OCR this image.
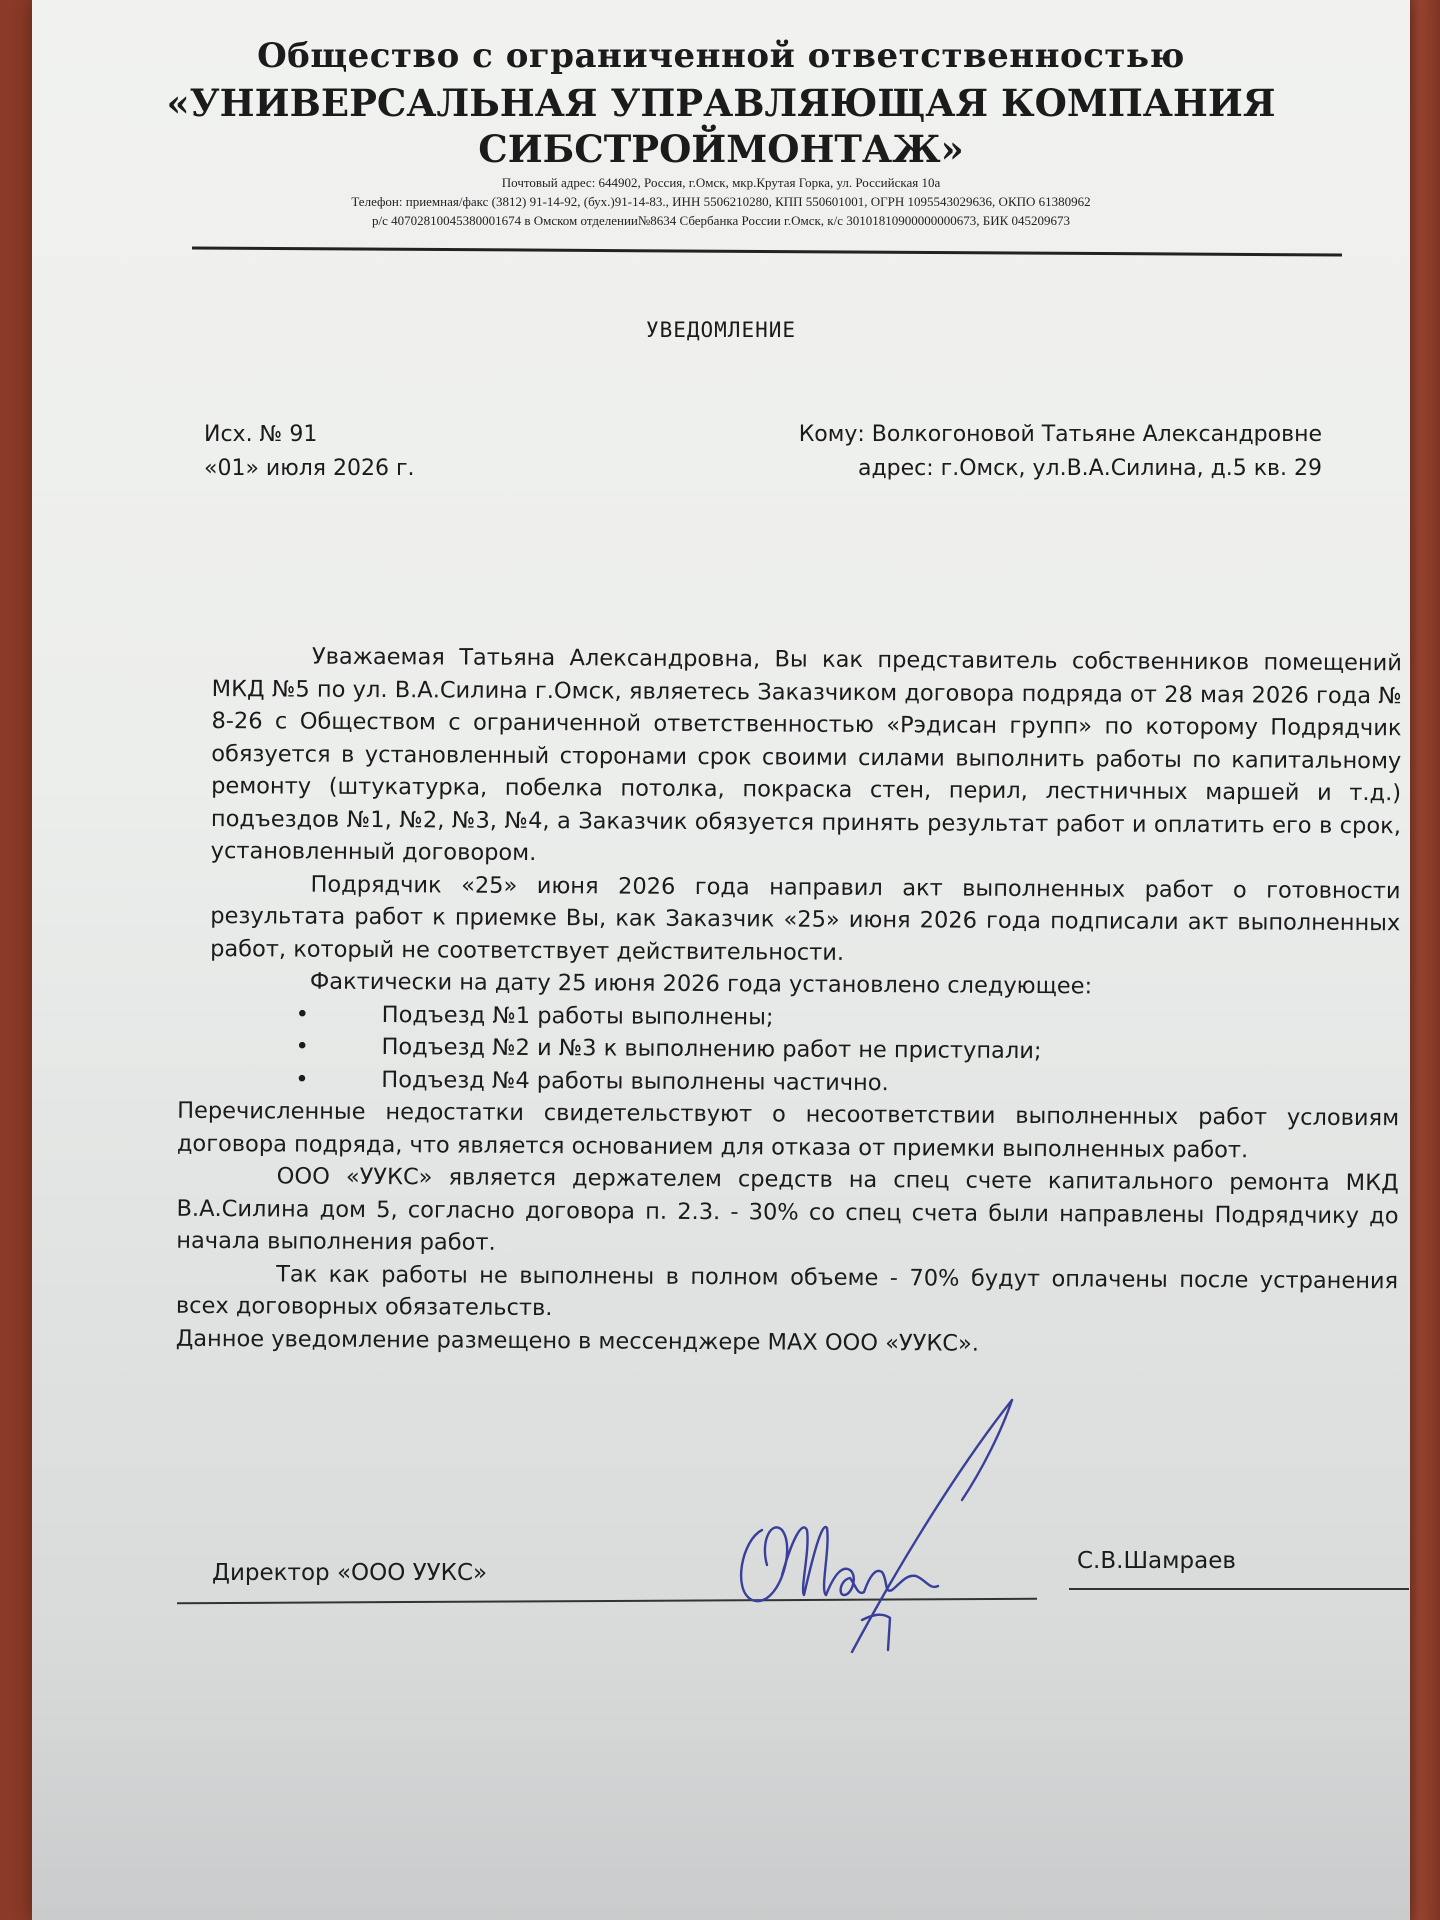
Общество с ограниченной ответственностью
«УНИВЕРСАЛЬНАЯ УПРАВЛЯЮЩАЯ КОМПАНИЯ
СИБСТРОЙМОНТАЖ»
Почтовый адрес: 644902, Россия, г.Омск, мкр.Крутая Горка, ул. Российская 10а
Телефон: приемная/факс (3812) 91-14-92, (бух.)91-14-83., ИНН 5506210280, КПП 550601001, ОГРН 1095543029636, ОКПО 61380962
р/с 40702810045380001674 в Омском отделении№8634 Сбербанка России г.Омск, к/с 30101810900000000673, БИК 045209673
УВЕДОМЛЕНИЕ
Исх. № 91
«01» июля 2026 г.
Кому: Волкогоновой Татьяне Александровне
адрес: г.Омск, ул.В.А.Силина, д.5 кв. 29

Уважаемая Татьяна Александровна, Вы как представитель собственников помещений МКД №5 по ул. В.А.Силина г.Омск, являетесь Заказчиком договора подряда от 28 мая 2026 года № 8-26 с Обществом с ограниченной ответственностью «Рэдисан групп» по которому Подрядчик обязуется в установленный сторонами срок своими силами выполнить работы по капитальному ремонту (штукатурка, побелка потолка, покраска стен, перил, лестничных маршей и т.д.) подъездов №1, №2, №3, №4, а Заказчик обязуется принять результат работ и оплатить его в срок, установленный договором.

Подрядчик «25» июня 2026 года направил акт выполненных работ о готовности результата работ к приемке Вы, как Заказчик «25» июня 2026 года подписали акт выполненных работ, который не соответствует действительности.

Фактически на дату 25 июня 2026 года установлено следующее:

•	Подъезд №1 работы выполнены;
•	Подъезд №2 и №3 к выполнению работ не приступали;
•	Подъезд №4 работы выполнены частично.

Перечисленные недостатки свидетельствуют о несоответствии выполненных работ условиям договора подряда, что является основанием для отказа от приемки выполненных работ.

ООО «УУКС» является держателем средств на спец счете капитального ремонта МКД В.А.Силина дом 5, согласно договора п. 2.3. - 30% со спец счета были направлены Подрядчику до начала выполнения работ.

Так как работы не выполнены в полном объеме - 70% будут оплачены после устранения всех договорных обязательств.

Данное уведомление размещено в мессенджере MAX ООО «УУКС».

Директор «ООО УУКС»	С.В.Шамраев
